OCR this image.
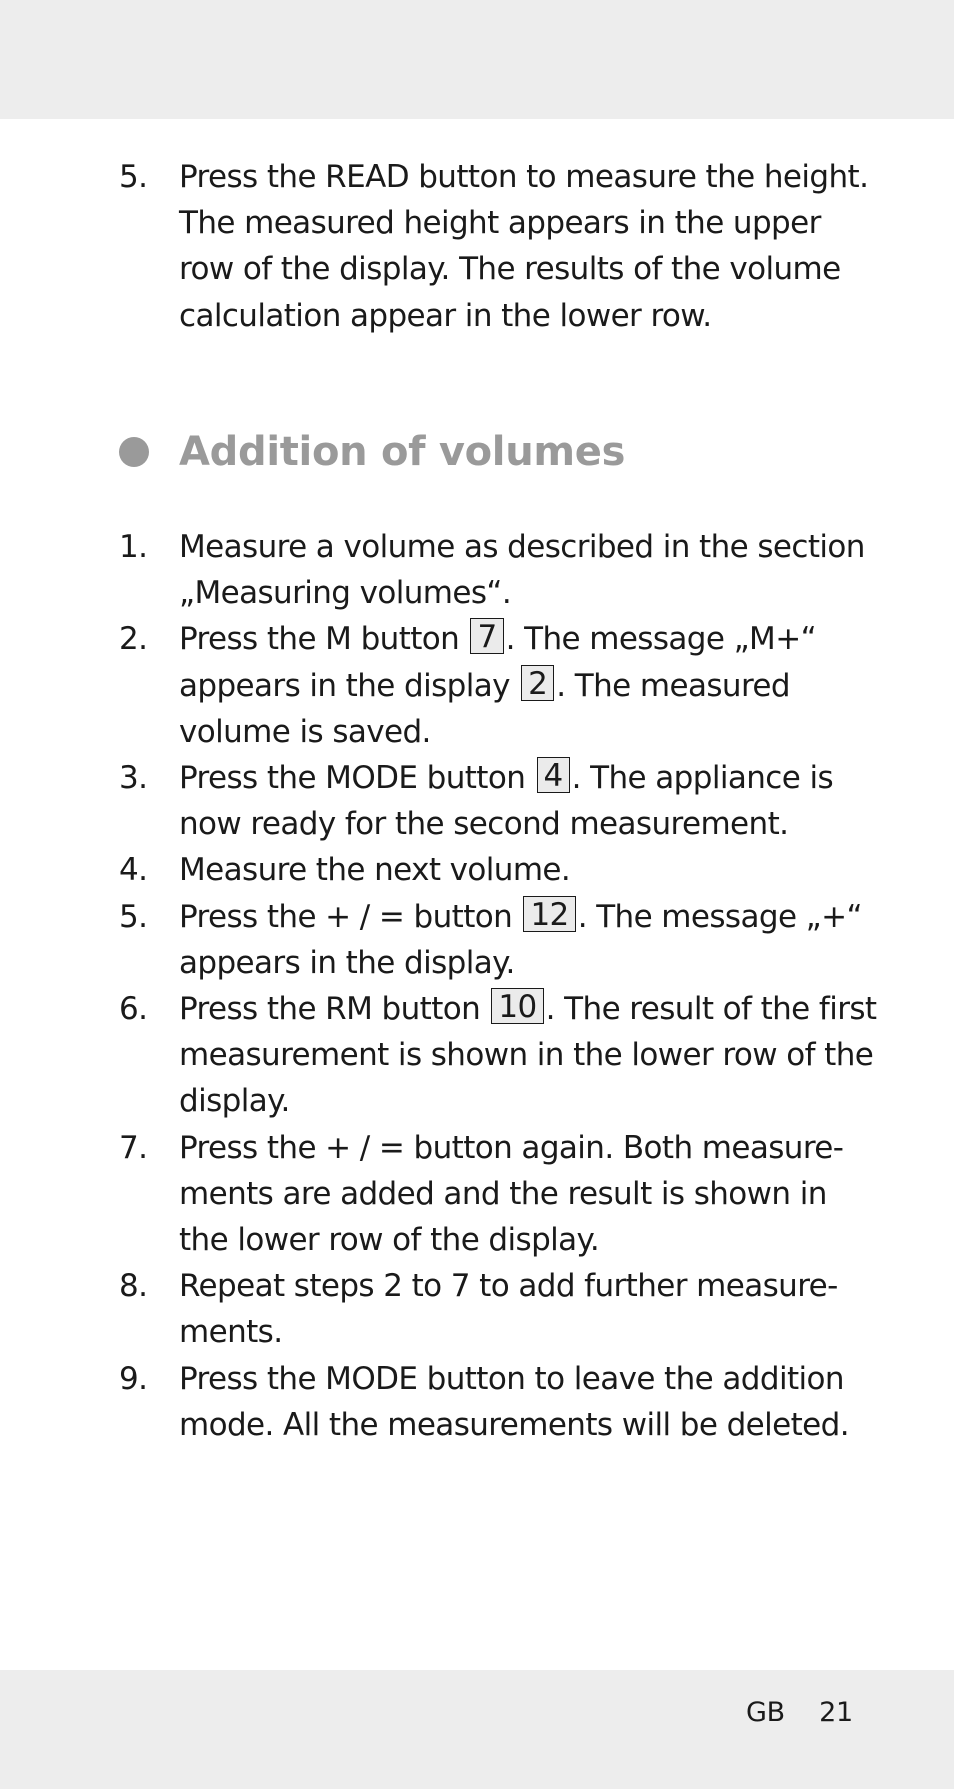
5.	Press the READ button to measure the height.
The measured height appears in the upper
row of the display. The results of the volume
calculation appear in the lower row.
Addition of volumes
1.	Measure a volume as described in the section
„Measuring volumes“.
2.	Press the M button 7 . The message „M+“
appears in the display 2 . The measured
volume is saved.
3.	Press the MODE button 4 . The appliance is
now ready for the second measurement.
4.	Measure the next volume.
5.	Press the + / = button 12 . The message „+“
appears in the display.
6.	Press the RM button 10 . The result of the first
measurement is shown in the lower row of the
display.
7.	Press the + / = button again. Both measure-
ments are added and the result is shown in
the lower row of the display.
8.	Repeat steps 2 to 7 to add further measure-
ments.
9.	Press the MODE button to leave the addition
mode. All the measurements will be deleted.
GB 21
